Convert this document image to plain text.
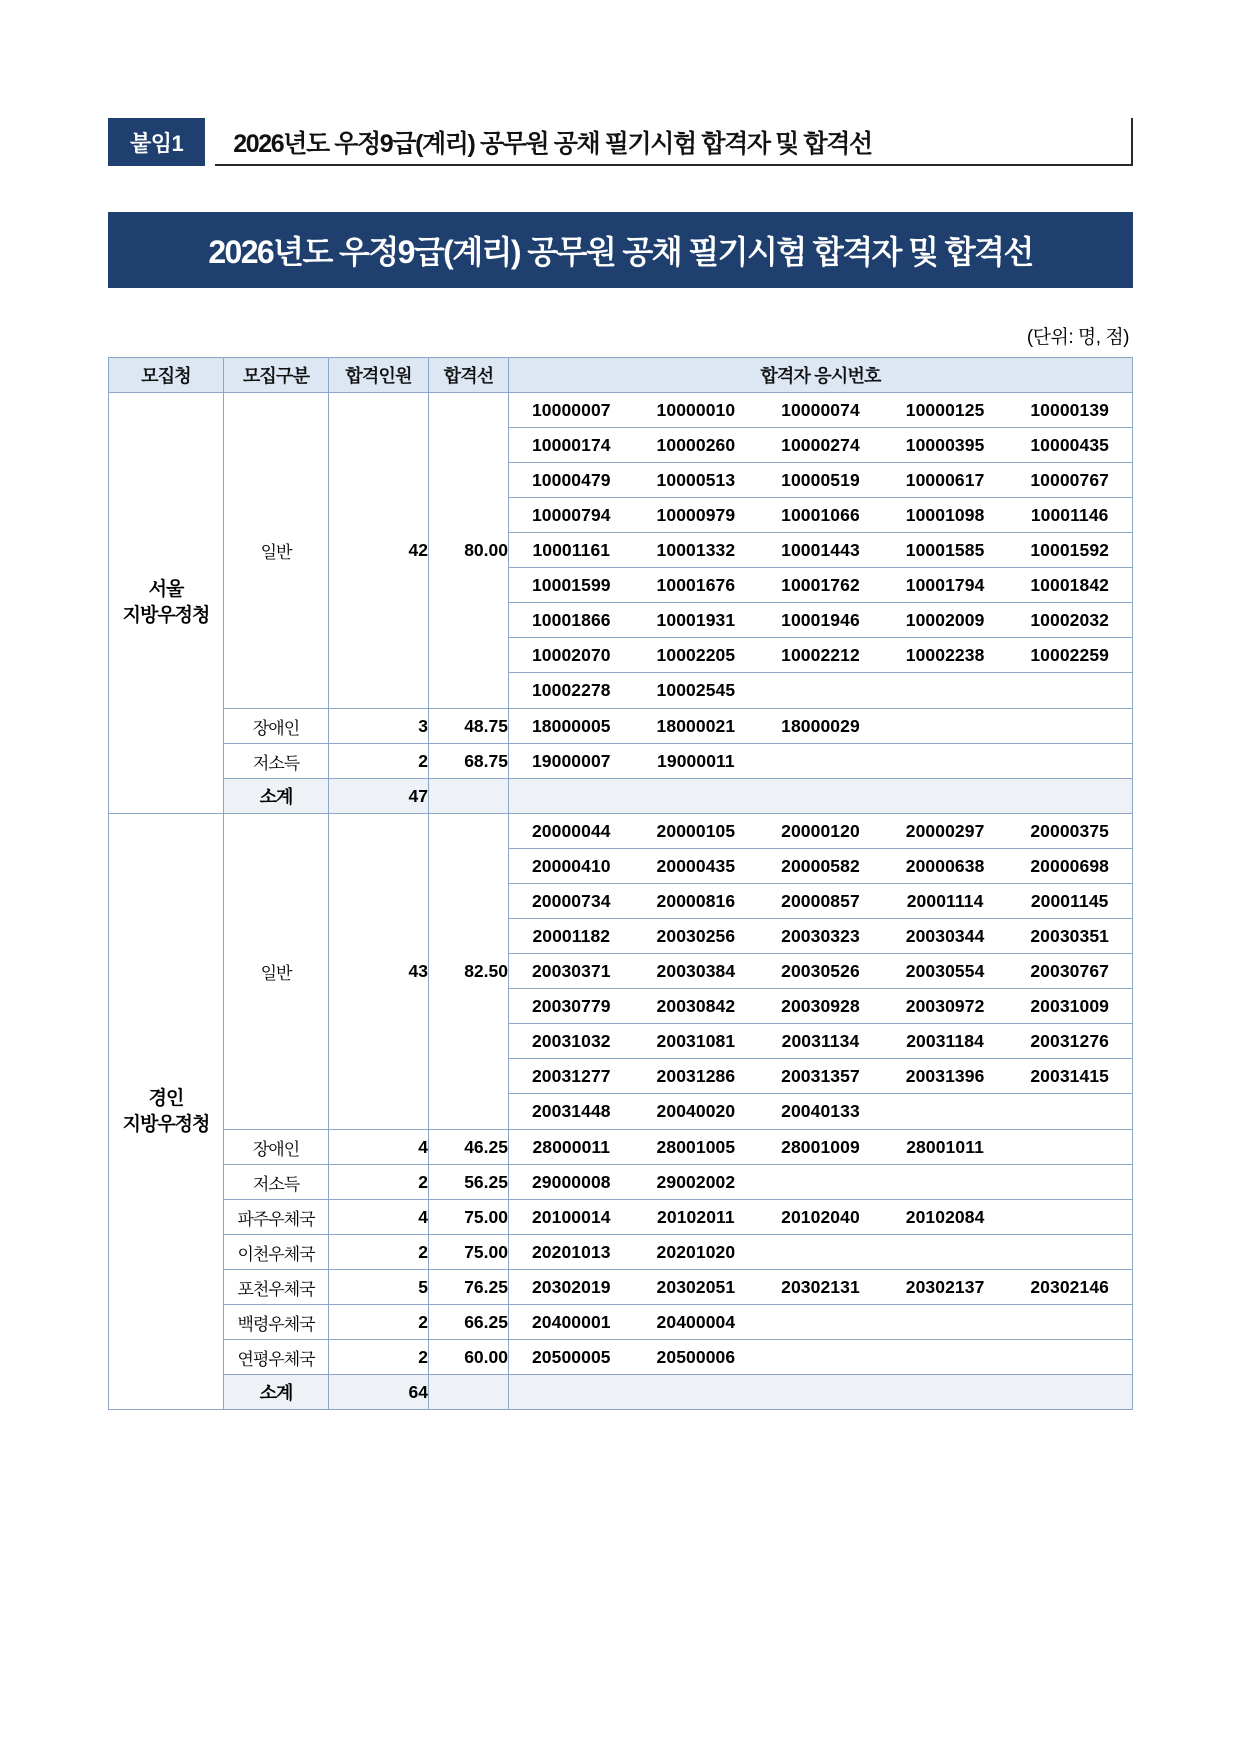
붙임1	2026년도 우정9급(계리) 공무원 공채 필기시험 합격자 및 합격선
2026년도 우정9급(계리) 공무원 공채 필기시험 합격자 및 합격선
(단위: 명, 점)
모집청	모집구분	합격인원	합격선	합격자 응시번호

서울
지방우정청
	일반	42	80.00	
10000007	10000010	10000074	10000125	10000139
10000174	10000260	10000274	10000395	10000435
10000479	10000513	10000519	10000617	10000767
10000794	10000979	10001066	10001098	10001146
10001161	10001332	10001443	10001585	10001592
10001599	10001676	10001762	10001794	10001842
10001866	10001931	10001946	10002009	10002032
10002070	10002205	10002212	10002238	10002259
10002278	10002545

	장애인	3	48.75	18000005 18000021 18000029

	저소득	2	68.75	19000007 19000011

	소계	47		

경인
지방우정청
	일반	43	82.50	
20000044	20000105	20000120	20000297	20000375
20000410	20000435	20000582	20000638	20000698
20000734	20000816	20000857	20001114	20001145
20001182	20030256	20030323	20030344	20030351
20030371	20030384	20030526	20030554	20030767
20030779	20030842	20030928	20030972	20031009
20031032	20031081	20031134	20031184	20031276
20031277	20031286	20031357	20031396	20031415
20031448	20040020	20040133

	장애인	4	46.25	28000011 28001005 28001009 28001011

	저소득	2	56.25	29000008 29002002

	파주우체국	4	75.00	20100014 20102011 20102040 20102084

	이천우체국	2	75.00	20201013 20201020

	포천우체국	5	76.25	20302019 20302051 20302131 20302137 20302146

	백령우체국	2	66.25	20400001 20400004

	연평우체국	2	60.00	20500005 20500006

	소계	64		
